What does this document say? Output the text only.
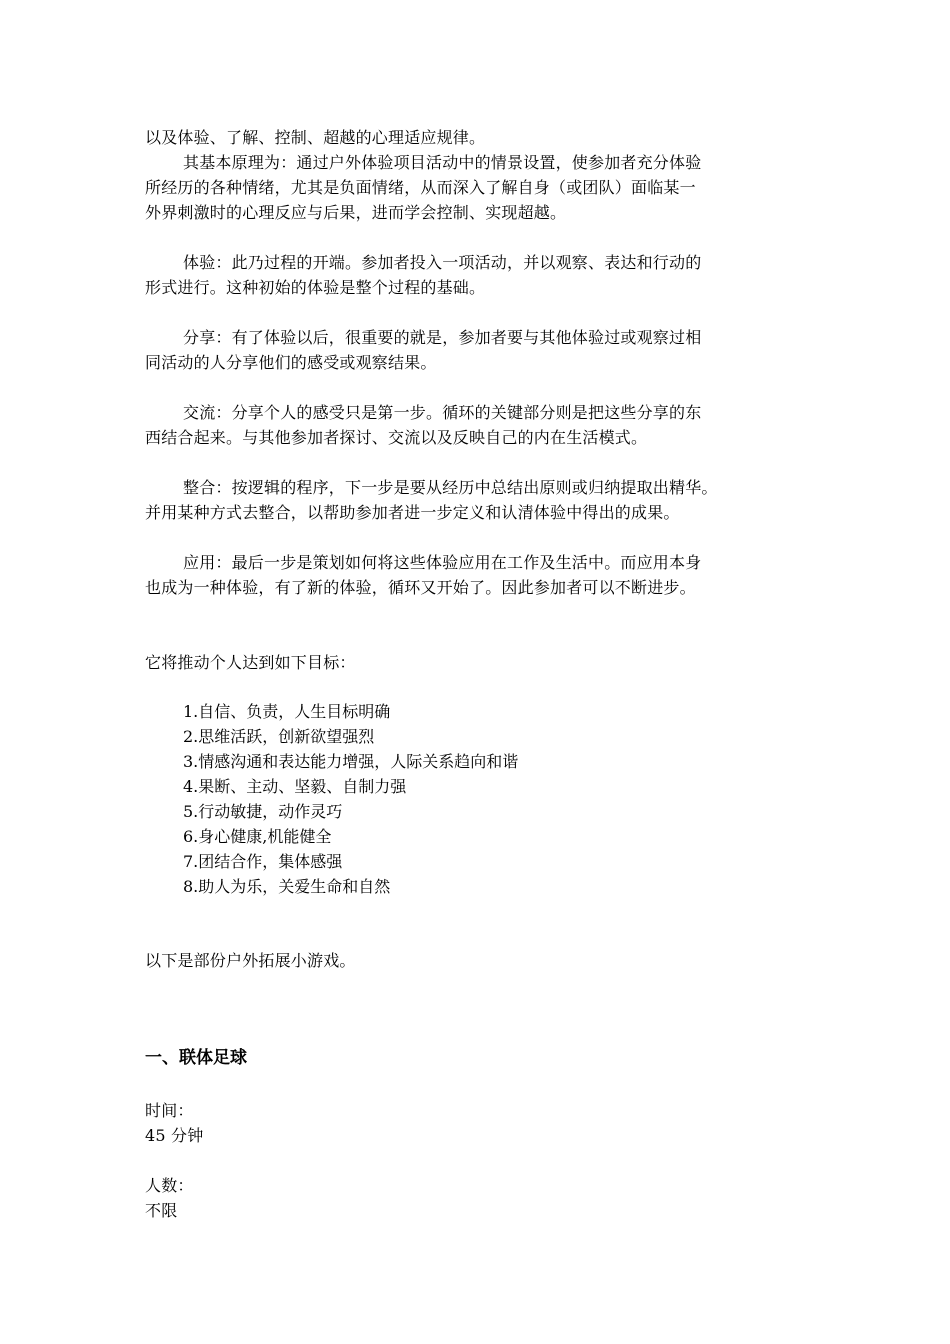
以及体验、了解、控制、超越的心理适应规律。

其基本原理为：通过户外体验项目活动中的情景设置，使参加者充分体验

所经历的各种情绪，尤其是负面情绪，从而深入了解自身（或团队）面临某一

外界刺激时的心理反应与后果，进而学会控制、实现超越。

体验：此乃过程的开端。参加者投入一项活动，并以观察、表达和行动的

形式进行。这种初始的体验是整个过程的基础。

分享：有了体验以后，很重要的就是，参加者要与其他体验过或观察过相

同活动的人分享他们的感受或观察结果。

交流：分享个人的感受只是第一步。循环的关键部分则是把这些分享的东

西结合起来。与其他参加者探讨、交流以及反映自己的内在生活模式。

整合：按逻辑的程序，下一步是要从经历中总结出原则或归纳提取出精华。

并用某种方式去整合，以帮助参加者进一步定义和认清体验中得出的成果。

应用：最后一步是策划如何将这些体验应用在工作及生活中。而应用本身

也成为一种体验，有了新的体验，循环又开始了。因此参加者可以不断进步。

它将推动个人达到如下目标：

1.自信、负责，人生目标明确
2.思维活跃，创新欲望强烈
3.情感沟通和表达能力增强，人际关系趋向和谐
4.果断、主动、坚毅、自制力强
5.行动敏捷，动作灵巧
6.身心健康,机能健全
7.团结合作，集体感强
8.助人为乐，关爱生命和自然

以下是部份户外拓展小游戏。

一、联体足球

时间：

45 分钟

人数：

不限
